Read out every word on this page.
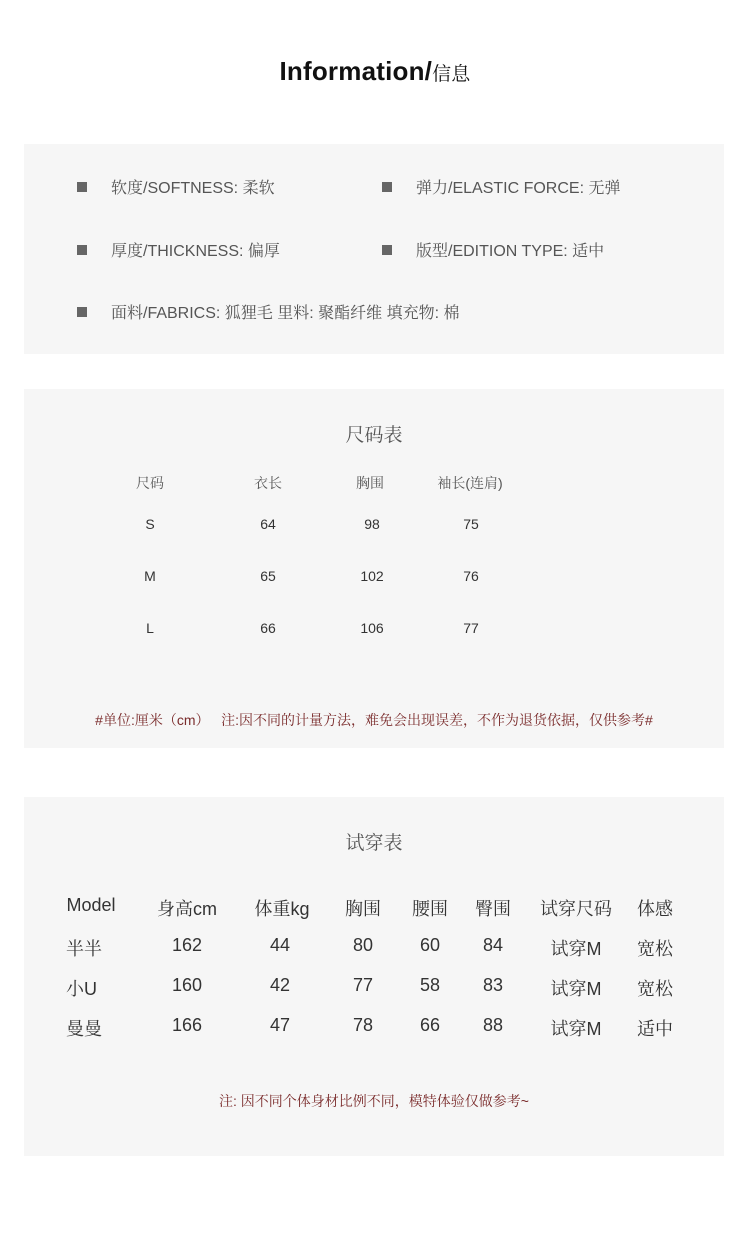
Information/信息
软度/SOFTNESS: 柔软	弹力/ELASTIC FORCE: 无弹
厚度/THICKNESS: 偏厚	版型/EDITION TYPE: 适中
面料/FABRICS: 狐狸毛 里料: 聚酯纤维 填充物: 棉
尺码表
尺码	衣长	胸围	袖长(连肩)
S	64	98	75
M	65	102	76
L	66	106	77
#单位:厘米（cm）   注:因不同的计量方法，难免会出现误差，不作为退货依据，仅供参考#
试穿表
Model	身高cm	体重kg	胸围	腰围	臀围	试穿尺码	体感
半半	162	44	80	60	84	试穿M	宽松
小U	160	42	77	58	83	试穿M	宽松
曼曼	166	47	78	66	88	试穿M	适中
注: 因不同个体身材比例不同，模特体验仅做参考~
